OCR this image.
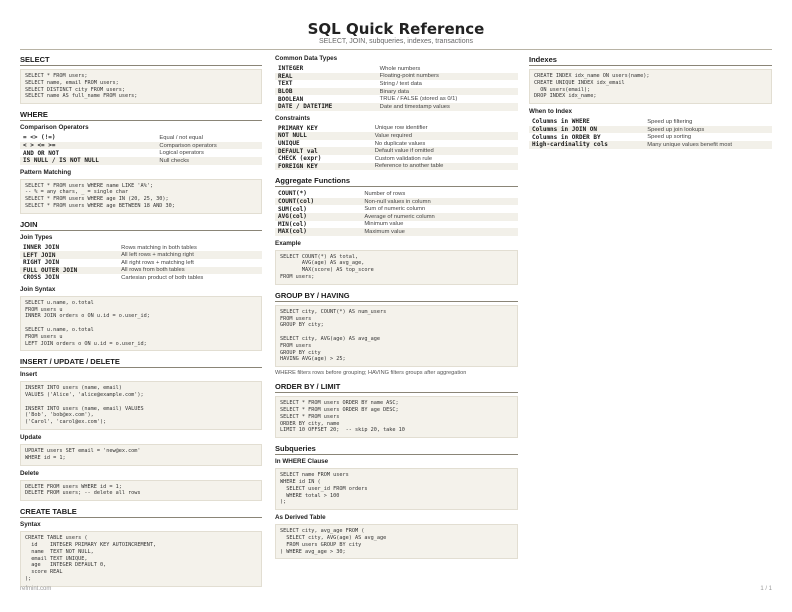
SQL Quick Reference
SELECT, JOIN, subqueries, indexes, transactions
SELECT
SELECT * FROM users;
SELECT name, email FROM users;
SELECT DISTINCT city FROM users;
SELECT name AS full_name FROM users;
WHERE
Comparison Operators
= <> (!=)	Equal / not equal
< > <= >=	Comparison operators
AND OR NOT	Logical operators
IS NULL / IS NOT NULL	Null checks
Pattern Matching
SELECT * FROM users WHERE name LIKE 'A%';
-- % = any chars, _ = single char
SELECT * FROM users WHERE age IN (20, 25, 30);
SELECT * FROM users WHERE age BETWEEN 18 AND 30;
JOIN
Join Types
INNER JOIN	Rows matching in both tables
LEFT JOIN	All left rows + matching right
RIGHT JOIN	All right rows + matching left
FULL OUTER JOIN	All rows from both tables
CROSS JOIN	Cartesian product of both tables
Join Syntax
SELECT u.name, o.total
FROM users u
INNER JOIN orders o ON u.id = o.user_id;

SELECT u.name, o.total
FROM users u
LEFT JOIN orders o ON u.id = o.user_id;
INSERT / UPDATE / DELETE
Insert
INSERT INTO users (name, email)
VALUES ('Alice', 'alice@example.com');

INSERT INTO users (name, email) VALUES
('Bob', 'bob@ex.com'),
('Carol', 'carol@ex.com');
Update
UPDATE users SET email = 'new@ex.com'
WHERE id = 1;
Delete
DELETE FROM users WHERE id = 1;
DELETE FROM users; -- delete all rows
CREATE TABLE
Syntax
CREATE TABLE users (
id    INTEGER PRIMARY KEY AUTOINCREMENT,
name  TEXT NOT NULL,
email TEXT UNIQUE,
age   INTEGER DEFAULT 0,
score REAL
);
Common Data Types
INTEGER	Whole numbers
REAL	Floating-point numbers
TEXT	String / text data
BLOB	Binary data
BOOLEAN	TRUE / FALSE (stored as 0/1)
DATE / DATETIME	Date and timestamp values
Constraints
PRIMARY KEY	Unique row identifier
NOT NULL	Value required
UNIQUE	No duplicate values
DEFAULT val	Default value if omitted
CHECK (expr)	Custom validation rule
FOREIGN KEY	Reference to another table
Aggregate Functions
COUNT(*)	Number of rows
COUNT(col)	Non-null values in column
SUM(col)	Sum of numeric column
AVG(col)	Average of numeric column
MIN(col)	Minimum value
MAX(col)	Maximum value
Example
SELECT COUNT(*) AS total,
AVG(age) AS avg_age,
MAX(score) AS top_score
FROM users;
GROUP BY / HAVING
SELECT city, COUNT(*) AS num_users
FROM users
GROUP BY city;

SELECT city, AVG(age) AS avg_age
FROM users
GROUP BY city
HAVING AVG(age) > 25;
WHERE filters rows before grouping; HAVING filters groups after aggregation
ORDER BY / LIMIT
SELECT * FROM users ORDER BY name ASC;
SELECT * FROM users ORDER BY age DESC;
SELECT * FROM users
ORDER BY city, name
LIMIT 10 OFFSET 20;  -- skip 20, take 10
Subqueries
In WHERE Clause
SELECT name FROM users
WHERE id IN (
SELECT user_id FROM orders
WHERE total > 100
);
As Derived Table
SELECT city, avg_age FROM (
SELECT city, AVG(age) AS avg_age
FROM users GROUP BY city
) WHERE avg_age > 30;
Indexes
CREATE INDEX idx_name ON users(name);
CREATE UNIQUE INDEX idx_email
ON users(email);
DROP INDEX idx_name;
When to Index
Columns in WHERE	Speed up filtering
Columns in JOIN ON	Speed up join lookups
Columns in ORDER BY	Speed up sorting
High-cardinality cols	Many unique values benefit most
refmint.com	1 / 1
